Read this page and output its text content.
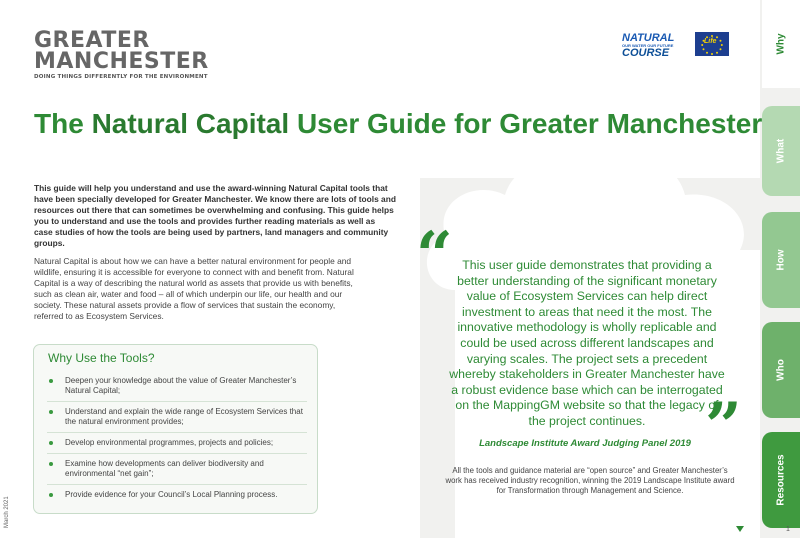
GREATER
MANCHESTER
DOING THINGS DIFFERENTLY FOR THE ENVIRONMENT
NATURAL
OUR WATER OUR FUTURE
COURSE
Life
The Natural Capital User Guide for Greater Manchester

This guide will help you understand and use the award-winning Natural Capital tools that have been specially developed for Greater Manchester. We know there are lots of tools and resources out there that can sometimes be overwhelming and confusing. This guide helps you to understand and use the tools and provides further reading materials as well as case studies of how the tools are being used by partners, land managers and community groups.

Natural Capital is about how we can have a better natural environment for people and wildlife, ensuring it is accessible for everyone to connect with and benefit from. Natural Capital is a way of describing the natural world as assets that provide us with benefits, such as clean air, water and food – all of which underpin our life, our health and our society. These natural assets provide a flow of services that sustain the economy, referred to as Ecosystem Services.

Why Use the Tools?
Deepen your knowledge about the value of Greater Manchester’s Natural Capital;
Understand and explain the wide range of Ecosystem Services that the natural environment provides;
Develop environmental programmes, projects and policies;
Examine how developments can deliver biodiversity and environmental “net gain”;
Provide evidence for your Council’s Local Planning process.
March 2021
“ This user guide demonstrates that providing a better understanding of the significant monetary value of Ecosystem Services can help direct investment to areas that need it the most. The innovative methodology is wholly replicable and could be used across different landscapes and varying scales. The project sets a precedent whereby stakeholders in Greater Manchester have a robust evidence base which can be interrogated on the MappingGM website so that the legacy of the project continues. ”
Landscape Institute Award Judging Panel 2019

All the tools and guidance material are “open source” and Greater Manchester’s work has received industry recognition, winning the 2019 Landscape Institute award for Transformation through Management and Science.

Why
What
How
Who
Resources
1
